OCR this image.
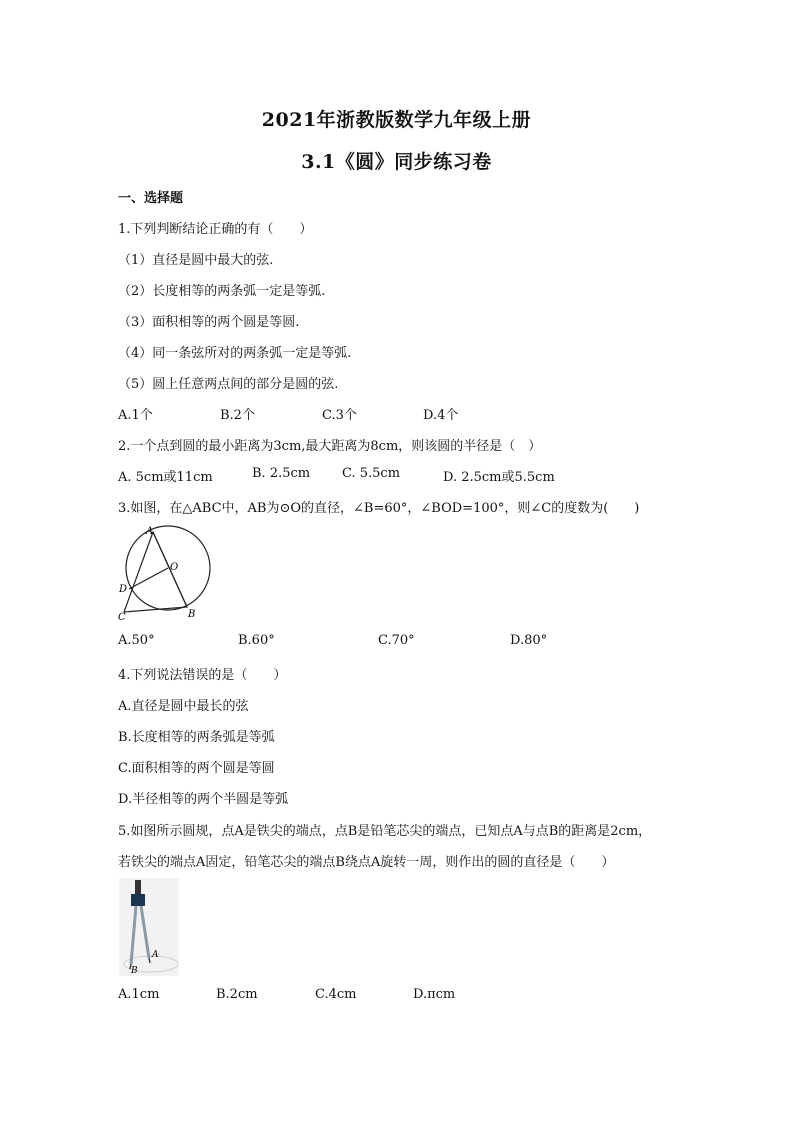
2021年浙教版数学九年级上册
3.1《圆》同步练习卷
一、选择题
1.下列判断结论正确的有（　　）
（1）直径是圆中最大的弦.
（2）长度相等的两条弧一定是等弧.
（3）面积相等的两个圆是等圆.
（4）同一条弦所对的两条弧一定是等弧.
（5）圆上任意两点间的部分是圆的弦.
A.1个	B.2个	C.3个	D.4个
2.一个点到圆的最小距离为3cm,最大距离为8cm，则该圆的半径是（　）
A. 5cm或11cm	B. 2.5cm C. 5.5cm	D. 2.5cm或5.5cm
3.如图，在△ABC中，AB为⊙O的直径，∠B=60°，∠BOD=100°，则∠C的度数为(　　)
A
O
D
C	B
A.50°	B.60°	C.70°	D.80°
4.下列说法错误的是（　　）
A.直径是圆中最长的弦
B.长度相等的两条弧是等弧
C.面积相等的两个圆是等圆
D.半径相等的两个半圆是等弧
5.如图所示圆规，点A是铁尖的端点，点B是铅笔芯尖的端点，已知点A与点B的距离是2cm，
若铁尖的端点A固定，铅笔芯尖的端点B绕点A旋转一周，则作出的圆的直径是（　　）
A
B
A.1cm	B.2cm	C.4cm	D.πcm
